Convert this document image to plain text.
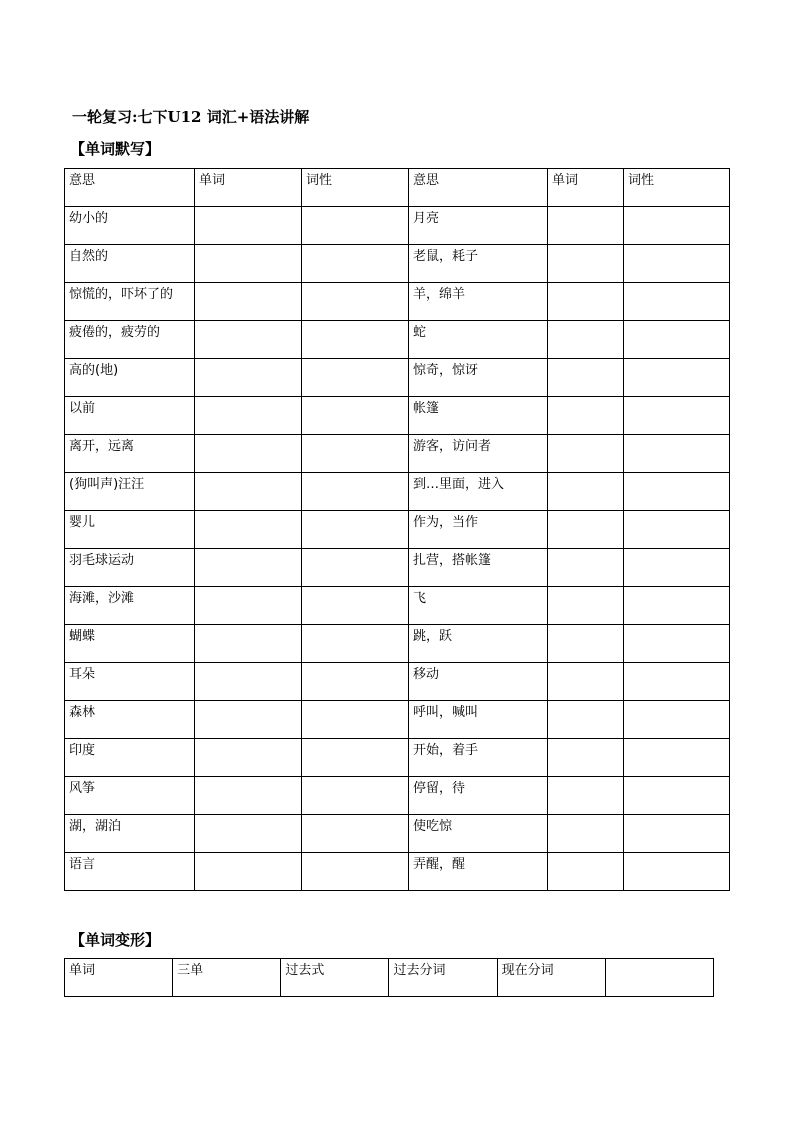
一轮复习:七下U12 词汇+语法讲解
【单词默写】
意思	单词	词性	意思	单词	词性
幼小的			月亮		
自然的			老鼠，耗子		
惊慌的，吓坏了的			羊，绵羊		
疲倦的，疲劳的			蛇		
高的(地)			惊奇，惊讶		
以前			帐篷		
离开，远离			游客，访问者		
(狗叫声)汪汪			到…里面，进入		
婴儿			作为，当作		
羽毛球运动			扎营，搭帐篷		
海滩，沙滩			飞		
蝴蝶			跳，跃		
耳朵			移动		
森林			呼叫，喊叫		
印度			开始，着手		
风筝			停留，待		
湖，湖泊			使吃惊		
语言			弄醒，醒		
【单词变形】
单词	三单	过去式	过去分词	现在分词	
